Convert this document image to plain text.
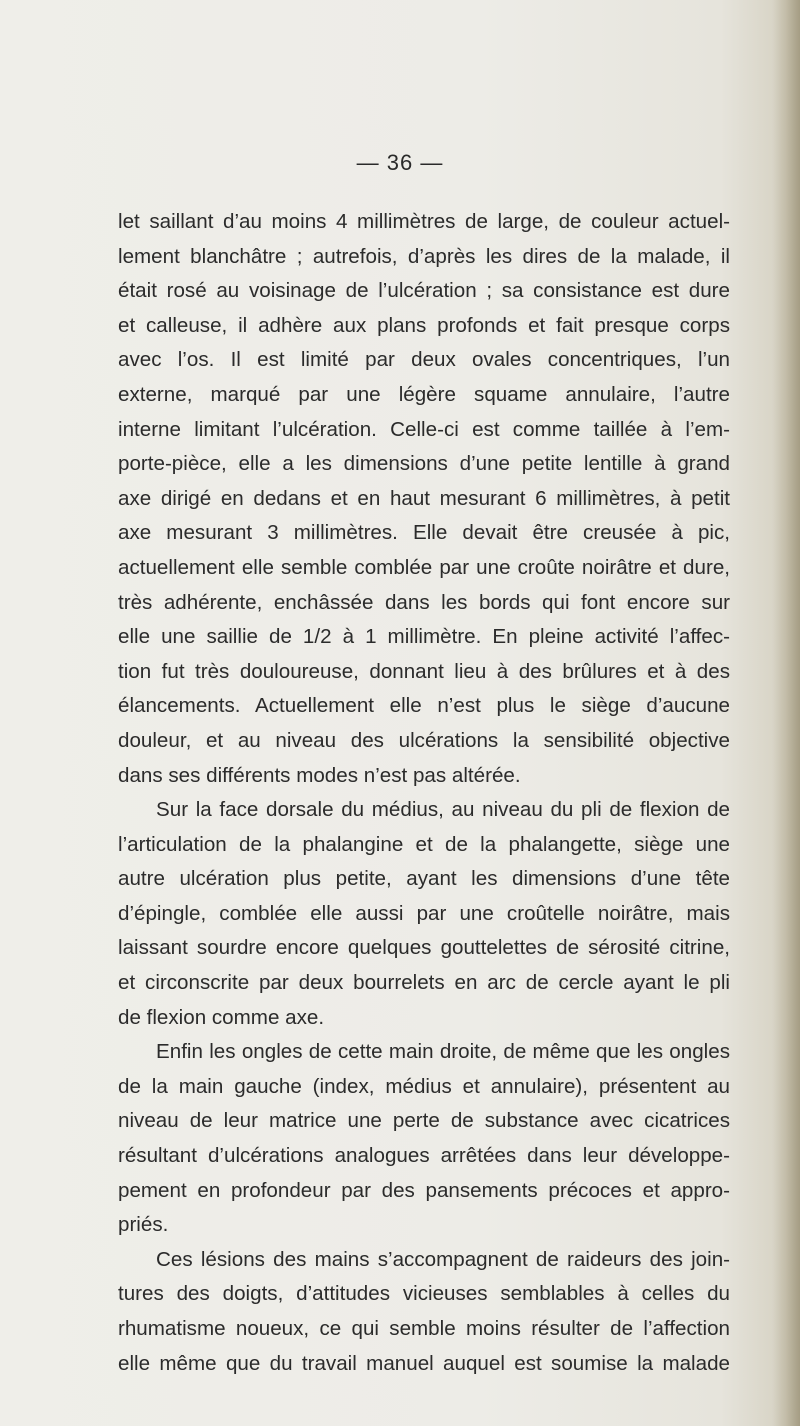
— 36 —

let saillant d’au moins 4 millimètres de large, de couleur actuel-

lement blanchâtre ; autrefois, d’après les dires de la malade, il

était rosé au voisinage de l’ulcération ; sa consistance est dure

et calleuse, il adhère aux plans profonds et fait presque corps

avec l’os. Il est limité par deux ovales concentriques, l’un

externe, marqué par une légère squame annulaire, l’autre

interne limitant l’ulcération. Celle-ci est comme taillée à l’em-

porte-pièce, elle a les dimensions d’une petite lentille à grand

axe dirigé en dedans et en haut mesurant 6 millimètres, à petit

axe mesurant 3 millimètres. Elle devait être creusée à pic,

actuellement elle semble comblée par une croûte noirâtre et dure,

très adhérente, enchâssée dans les bords qui font encore sur

elle une saillie de 1/2 à 1 millimètre. En pleine activité l’affec-

tion fut très douloureuse, donnant lieu à des brûlures et à des

élancements. Actuellement elle n’est plus le siège d’aucune

douleur, et au niveau des ulcérations la sensibilité objective

dans ses différents modes n’est pas altérée.

Sur la face dorsale du médius, au niveau du pli de flexion de

l’articulation de la phalangine et de la phalangette, siège une

autre ulcération plus petite, ayant les dimensions d’une tête

d’épingle, comblée elle aussi par une croûtelle noirâtre, mais

laissant sourdre encore quelques gouttelettes de sérosité citrine,

et circonscrite par deux bourrelets en arc de cercle ayant le pli

de flexion comme axe.

Enfin les ongles de cette main droite, de même que les ongles

de la main gauche (index, médius et annulaire), présentent au

niveau de leur matrice une perte de substance avec cicatrices

résultant d’ulcérations analogues arrêtées dans leur développe-

pement en profondeur par des pansements précoces et appro-

priés.

Ces lésions des mains s’accompagnent de raideurs des join-

tures des doigts, d’attitudes vicieuses semblables à celles du

rhumatisme noueux, ce qui semble moins résulter de l’affection

elle même que du travail manuel auquel est soumise la malade
